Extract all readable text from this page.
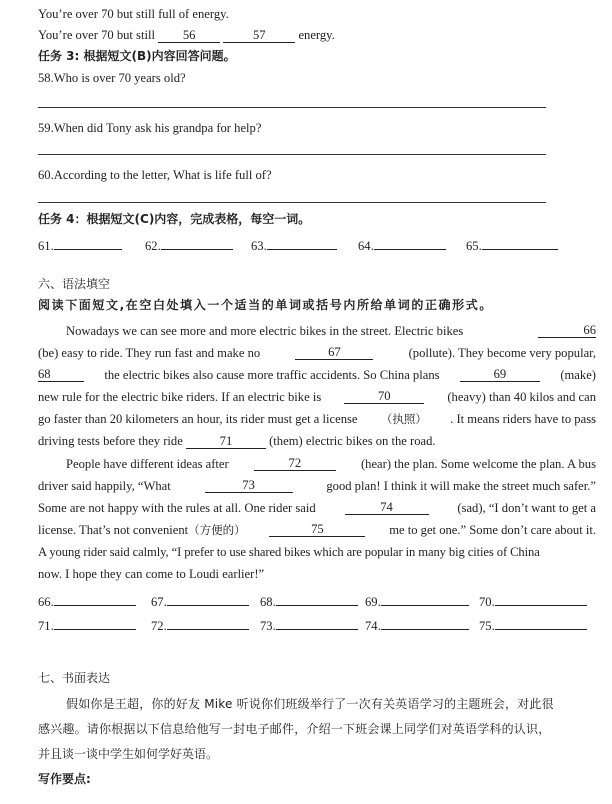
You’re over 70 but still full of energy.
You’re over 70 but still 56	57	energy.
任务 3: 根据短文(B)内容回答问题。
58.Who is over 70 years old?
59.When did Tony ask his grandpa for help?
60.According to the letter, What is life full of?
任务 4：根据短文(C)内容，完成表格，每空一词。
61.	62.	63.	64.	65.
六、语法填空
阅读下面短文,在空白处填入一个适当的单词或括号内所给单词的正确形式。
Nowadays we can see more and more electric bikes in the street. Electric bikes	66
(be) easy to ride. They run fast and make no	67	(pollute). They become very popular,
68	the electric bikes also cause more traffic accidents. So China plans	69	(make)
new rule for the electric bike riders. If an electric bike is	70	(heavy) than 40 kilos and can
go faster than 20 kilometers an hour, its rider must get a license （执照） . It means riders have to pass
driving tests before they ride	71	(them) electric bikes on the road.
People have different ideas after	72	(hear) the plan. Some welcome the plan. A bus
driver said happily, “What	73	good plan! I think it will make the street much safer.”
Some are not happy with the rules at all. One rider said	74	(sad), “I don’t want to get a
license. That’s not convenient（方便的）	75	me to get one.” Some don’t care about it.
A young rider said calmly, “I prefer to use shared bikes which are popular in many big cities of China
now. I hope they can come to Loudi earlier!”
66.	67.	68.	69.	70.
71.	72.	73.	74.	75.
七、书面表达
假如你是王超，你的好友 Mike 听说你们班级举行了一次有关英语学习的主题班会，对此很
感兴趣。请你根据以下信息给他写一封电子邮件，介绍一下班会课上同学们对英语学科的认识，
并且谈一谈中学生如何学好英语。
写作要点:
